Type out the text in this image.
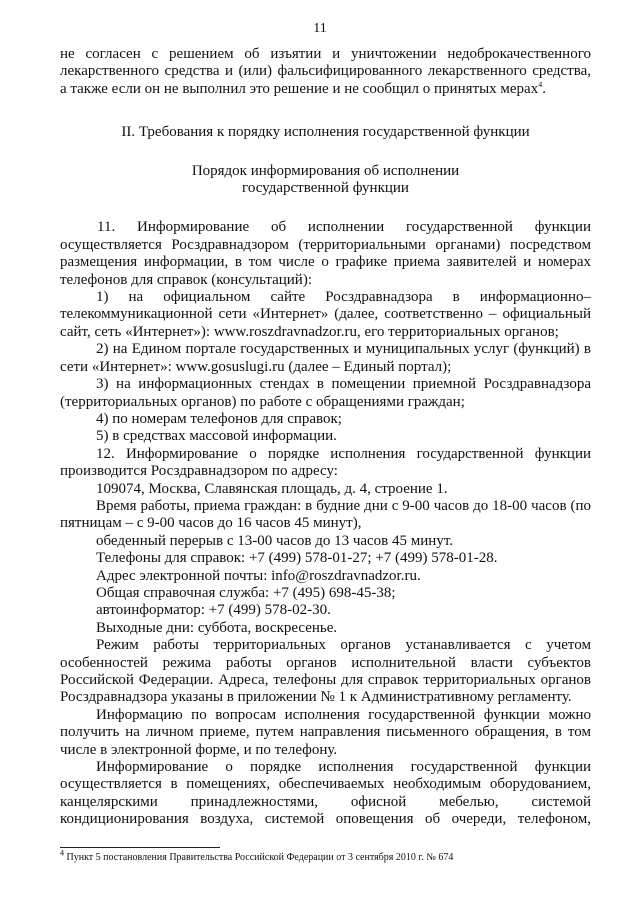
11

не согласен с решением об изъятии и уничтожении недоброкачественного
лекарственного средства и (или) фальсифицированного лекарственного средства,
а также если он не выполнил это решение и не сообщил о принятых мерах$^4$.

II. Требования к порядку исполнения государственной функции

Порядок информирования об исполнении
государственной функции

11. Информирование об исполнении государственной функции осуществляется Росздравнадзором (территориальными органами) посредством размещения информации, в том числе о графике приема заявителей и номерах телефонов для справок (консультаций):

1) на официальном сайте Росздравнадзора в информационно–телекоммуникационной сети «Интернет» (далее, соответственно – официальный сайт, сеть «Интернет»): www.roszdravnadzor.ru, его территориальных органов;

2) на Едином портале государственных и муниципальных услуг (функций) в сети «Интернет»: www.gosuslugi.ru (далее – Единый портал);

3) на информационных стендах в помещении приемной Росздравнадзора (территориальных органов) по работе с обращениями граждан;

4) по номерам телефонов для справок;

5) в средствах массовой информации.

12. Информирование о порядке исполнения государственной функции производится Росздравнадзором по адресу:

109074, Москва, Славянская площадь, д. 4, строение 1.

Время работы, приема граждан: в будние дни с 9-00 часов до 18-00 часов (по пятницам – с 9-00 часов до 16 часов 45 минут),

обеденный перерыв с 13-00 часов до 13 часов 45 минут.

Телефоны для справок: +7 (499) 578-01-27; +7 (499) 578-01-28.

Адрес электронной почты: info@roszdravnadzor.ru.

Общая справочная служба: +7 (495) 698-45-38;

автоинформатор: +7 (499) 578-02-30.

Выходные дни: суббота, воскресенье.

Режим работы территориальных органов устанавливается с учетом особенностей режима работы органов исполнительной власти субъектов Российской Федерации. Адреса, телефоны для справок территориальных органов Росздравнадзора указаны в приложении № 1 к Административному регламенту.

Информацию по вопросам исполнения государственной функции можно получить на личном приеме, путем направления письменного обращения, в том числе в электронной форме, и по телефону.

Информирование о порядке исполнения государственной функции
осуществляется в помещениях, обеспечиваемых необходимым оборудованием,
канцелярскими принадлежностями, офисной мебелью, системой
кондиционирования воздуха, системой оповещения об очереди, телефоном,

$^4$ Пункт 5 постановления Правительства Российской Федерации от 3 сентября 2010 г. № 674
